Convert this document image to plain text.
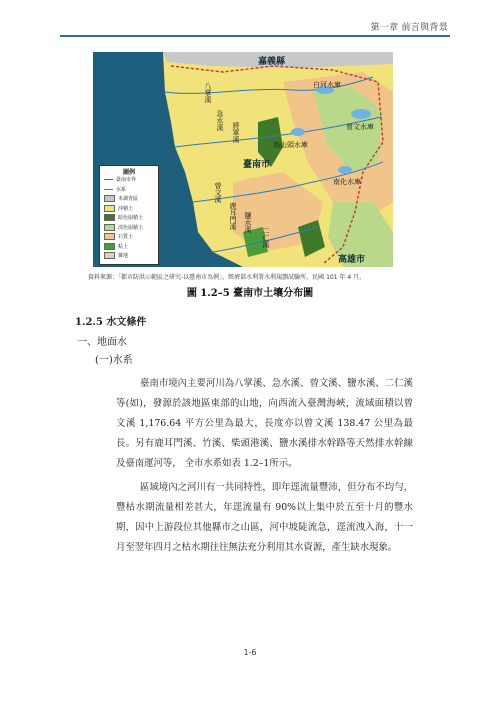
第一章 前言與背景
嘉義縣
臺南市
高雄市
白河水庫
曾文水庫
烏山頭水庫
南化水庫
八掌溪
急水溪
將軍溪
曾文溪
鹿耳門溪 鹽水溪
二仁溪
圖例
臺南市界
水系
未調查區
沖積土
暗色崩積土
淡色崩積土
石質土
粘土
雜地
資料來源：「都市防洪示範區之研究-以臺南市為例」，經濟部水利署水利規劃試驗所，民國 101 年 4 月。
圖 1.2–5 臺南市土壤分布圖
1.2.5 水文條件
一、地面水
(一)水系

臺南市境內主要河川為八掌溪、急水溪、曾文溪、鹽水溪、二仁溪等(如)，發源於該地區東部的山地，向西流入臺灣海峽，流域面積以曾文溪 1,176.64 平方公里為最大，長度亦以曾文溪 138.47 公里為最長。另有鹿耳門溪、竹溪、柴頭港溪、鹽水溪排水幹路等天然排水幹線及臺南運河等， 全市水系如表 1.2–1所示。

區域境內之河川有一共同特性，即年逕流量豐沛，但分布不均勻，豐枯水期流量相差甚大，年逕流量有 90%以上集中於五至十月的豐水期，因中上游段位其他縣市之山區，河中坡陡流急，逕流洩入海，十一月至翌年四月之枯水期往往無法充分利用其水資源，產生缺水現象。

1-6
